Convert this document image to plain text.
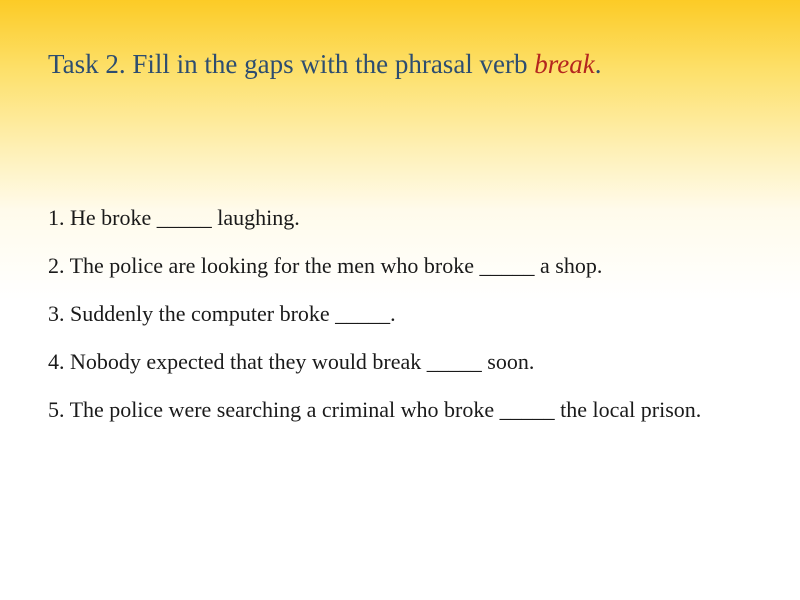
Task 2. Fill in the gaps with the phrasal verb break.
1. He broke _____ laughing.
2. The police are looking for the men who broke _____ a shop.
3. Suddenly the computer broke _____.
4. Nobody expected that they would break _____ soon.
5. The police were searching a criminal who broke _____ the local prison.
